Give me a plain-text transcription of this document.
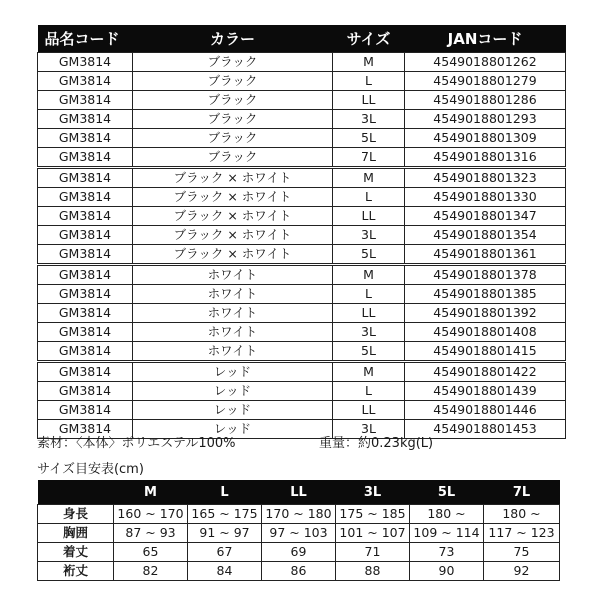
品名コード	カラー	サイズ	JANコード
GM3814	ブラック	M	4549018801262
GM3814	ブラック	L	4549018801279
GM3814	ブラック	LL	4549018801286
GM3814	ブラック	3L	4549018801293
GM3814	ブラック	5L	4549018801309
GM3814	ブラック	7L	4549018801316
GM3814	ブラック × ホワイト	M	4549018801323
GM3814	ブラック × ホワイト	L	4549018801330
GM3814	ブラック × ホワイト	LL	4549018801347
GM3814	ブラック × ホワイト	3L	4549018801354
GM3814	ブラック × ホワイト	5L	4549018801361
GM3814	ホワイト	M	4549018801378
GM3814	ホワイト	L	4549018801385
GM3814	ホワイト	LL	4549018801392
GM3814	ホワイト	3L	4549018801408
GM3814	ホワイト	5L	4549018801415
GM3814	レッド	M	4549018801422
GM3814	レッド	L	4549018801439
GM3814	レッド	LL	4549018801446
GM3814	レッド	3L	4549018801453
素材：〈本体〉ポリエステル100%	重量：約0.23kg(L)
サイズ目安表(cm)
	M	L	LL	3L	5L	7L
身長	160 ~ 170	165 ~ 175	170 ~ 180	175 ~ 185	180 ~	180 ~
胸囲	87 ~ 93	91 ~ 97	97 ~ 103	101 ~ 107	109 ~ 114	117 ~ 123
着丈	65	67	69	71	73	75
裄丈	82	84	86	88	90	92
